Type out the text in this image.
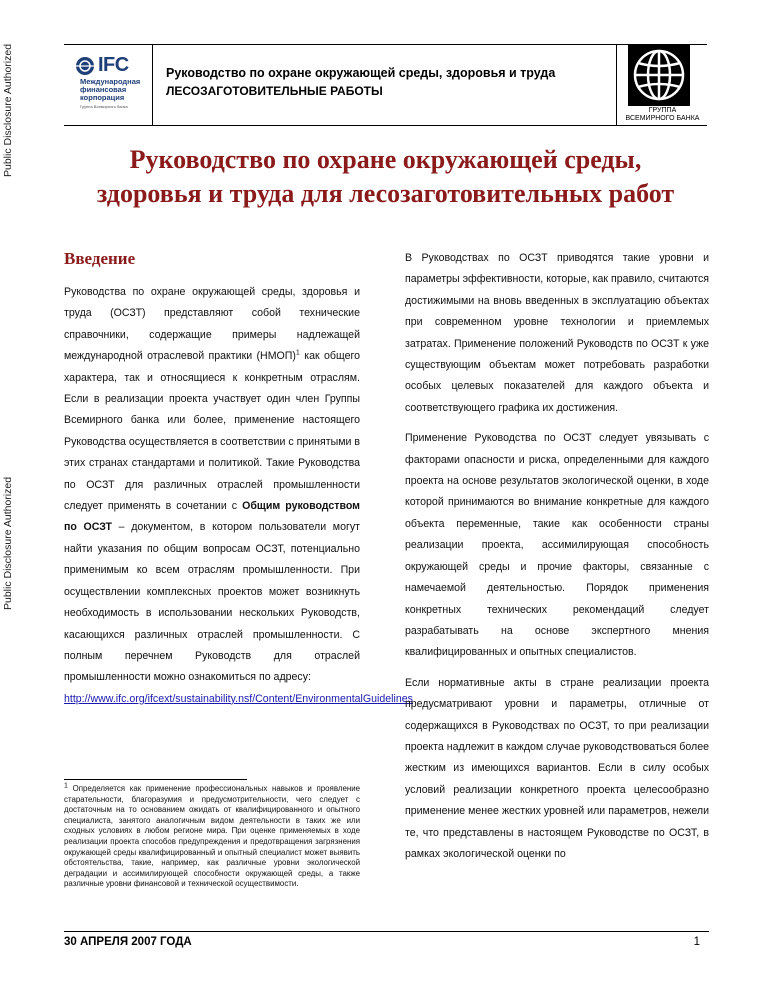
Public Disclosure Authorized
Public Disclosure Authorized
IFC
Международная
финансовая
корпорация
Группа Всемирного банка
Руководство по охране окружающей среды, здоровья и труда
ЛЕСОЗАГОТОВИТЕЛЬНЫЕ РАБОТЫ
ГРУППА
ВСЕМИРНОГО БАНКА
Руководство по охране окружающей среды,
здоровья и труда для лесозаготовительных работ
Введение

Руководства по охране окружающей среды, здоровья и труда (ОСЗТ) представляют собой технические справочники, содержащие примеры надлежащей международной отраслевой практики (НМОП)$^1$ как общего характера, так и относящиеся к конкретным отраслям. Если в реализации проекта участвует один член Группы Всемирного банка или более, применение настоящего Руководства осуществляется в соответствии с принятыми в этих странах стандартами и политикой. Такие Руководства по ОСЗТ для различных отраслей промышленности следует применять в сочетании с Общим руководством по ОСЗТ – документом, в котором пользователи могут найти указания по общим вопросам ОСЗТ, потенциально применимым ко всем отраслям промышленности. При осуществлении комплексных проектов может возникнуть необходимость в использовании нескольких Руководств, касающихся различных отраслей промышленности. С полным перечнем Руководств для отраслей промышленности можно ознакомиться по адресу:
http://www.ifc.org/ifcext/sustainability.nsf/Content/EnvironmentalGuidelines

$^1$ Определяется как применение профессиональных навыков и проявление старательности, благоразумия и предусмотрительности, чего следует с достаточным на то основанием ожидать от квалифицированного и опытного специалиста, занятого аналогичным видом деятельности в таких же или сходных условиях в любом регионе мира. При оценке применяемых в ходе реализации проекта способов предупреждения и предотвращения загрязнения окружающей среды квалифицированный и опытный специалист может выявить обстоятельства, такие, например, как различные уровни экологической деградации и ассимилирующей способности окружающей среды, а также различные уровни финансовой и технической осуществимости.

В Руководствах по ОСЗТ приводятся такие уровни и параметры эффективности, которые, как правило, считаются достижимыми на вновь введенных в эксплуатацию объектах при современном уровне технологии и приемлемых затратах. Применение положений Руководств по ОСЗТ к уже существующим объектам может потребовать разработки особых целевых показателей для каждого объекта и соответствующего графика их достижения.

Применение Руководства по ОСЗТ следует увязывать с факторами опасности и риска, определенными для каждого проекта на основе результатов экологической оценки, в ходе которой принимаются во внимание конкретные для каждого объекта переменные, такие как особенности страны реализации проекта, ассимилирующая способность окружающей среды и прочие факторы, связанные с намечаемой деятельностью. Порядок применения конкретных технических рекомендаций следует разрабатывать на основе экспертного мнения квалифицированных и опытных специалистов.

Если нормативные акты в стране реализации проекта предусматривают уровни и параметры, отличные от содержащихся в Руководствах по ОСЗТ, то при реализации проекта надлежит в каждом случае руководствоваться более жестким из имеющихся вариантов. Если в силу особых условий реализации конкретного проекта целесообразно применение менее жестких уровней или параметров, нежели те, что представлены в настоящем Руководстве по ОСЗТ, в рамках экологической оценки по

30 АПРЕЛЯ 2007 ГОДА	1
